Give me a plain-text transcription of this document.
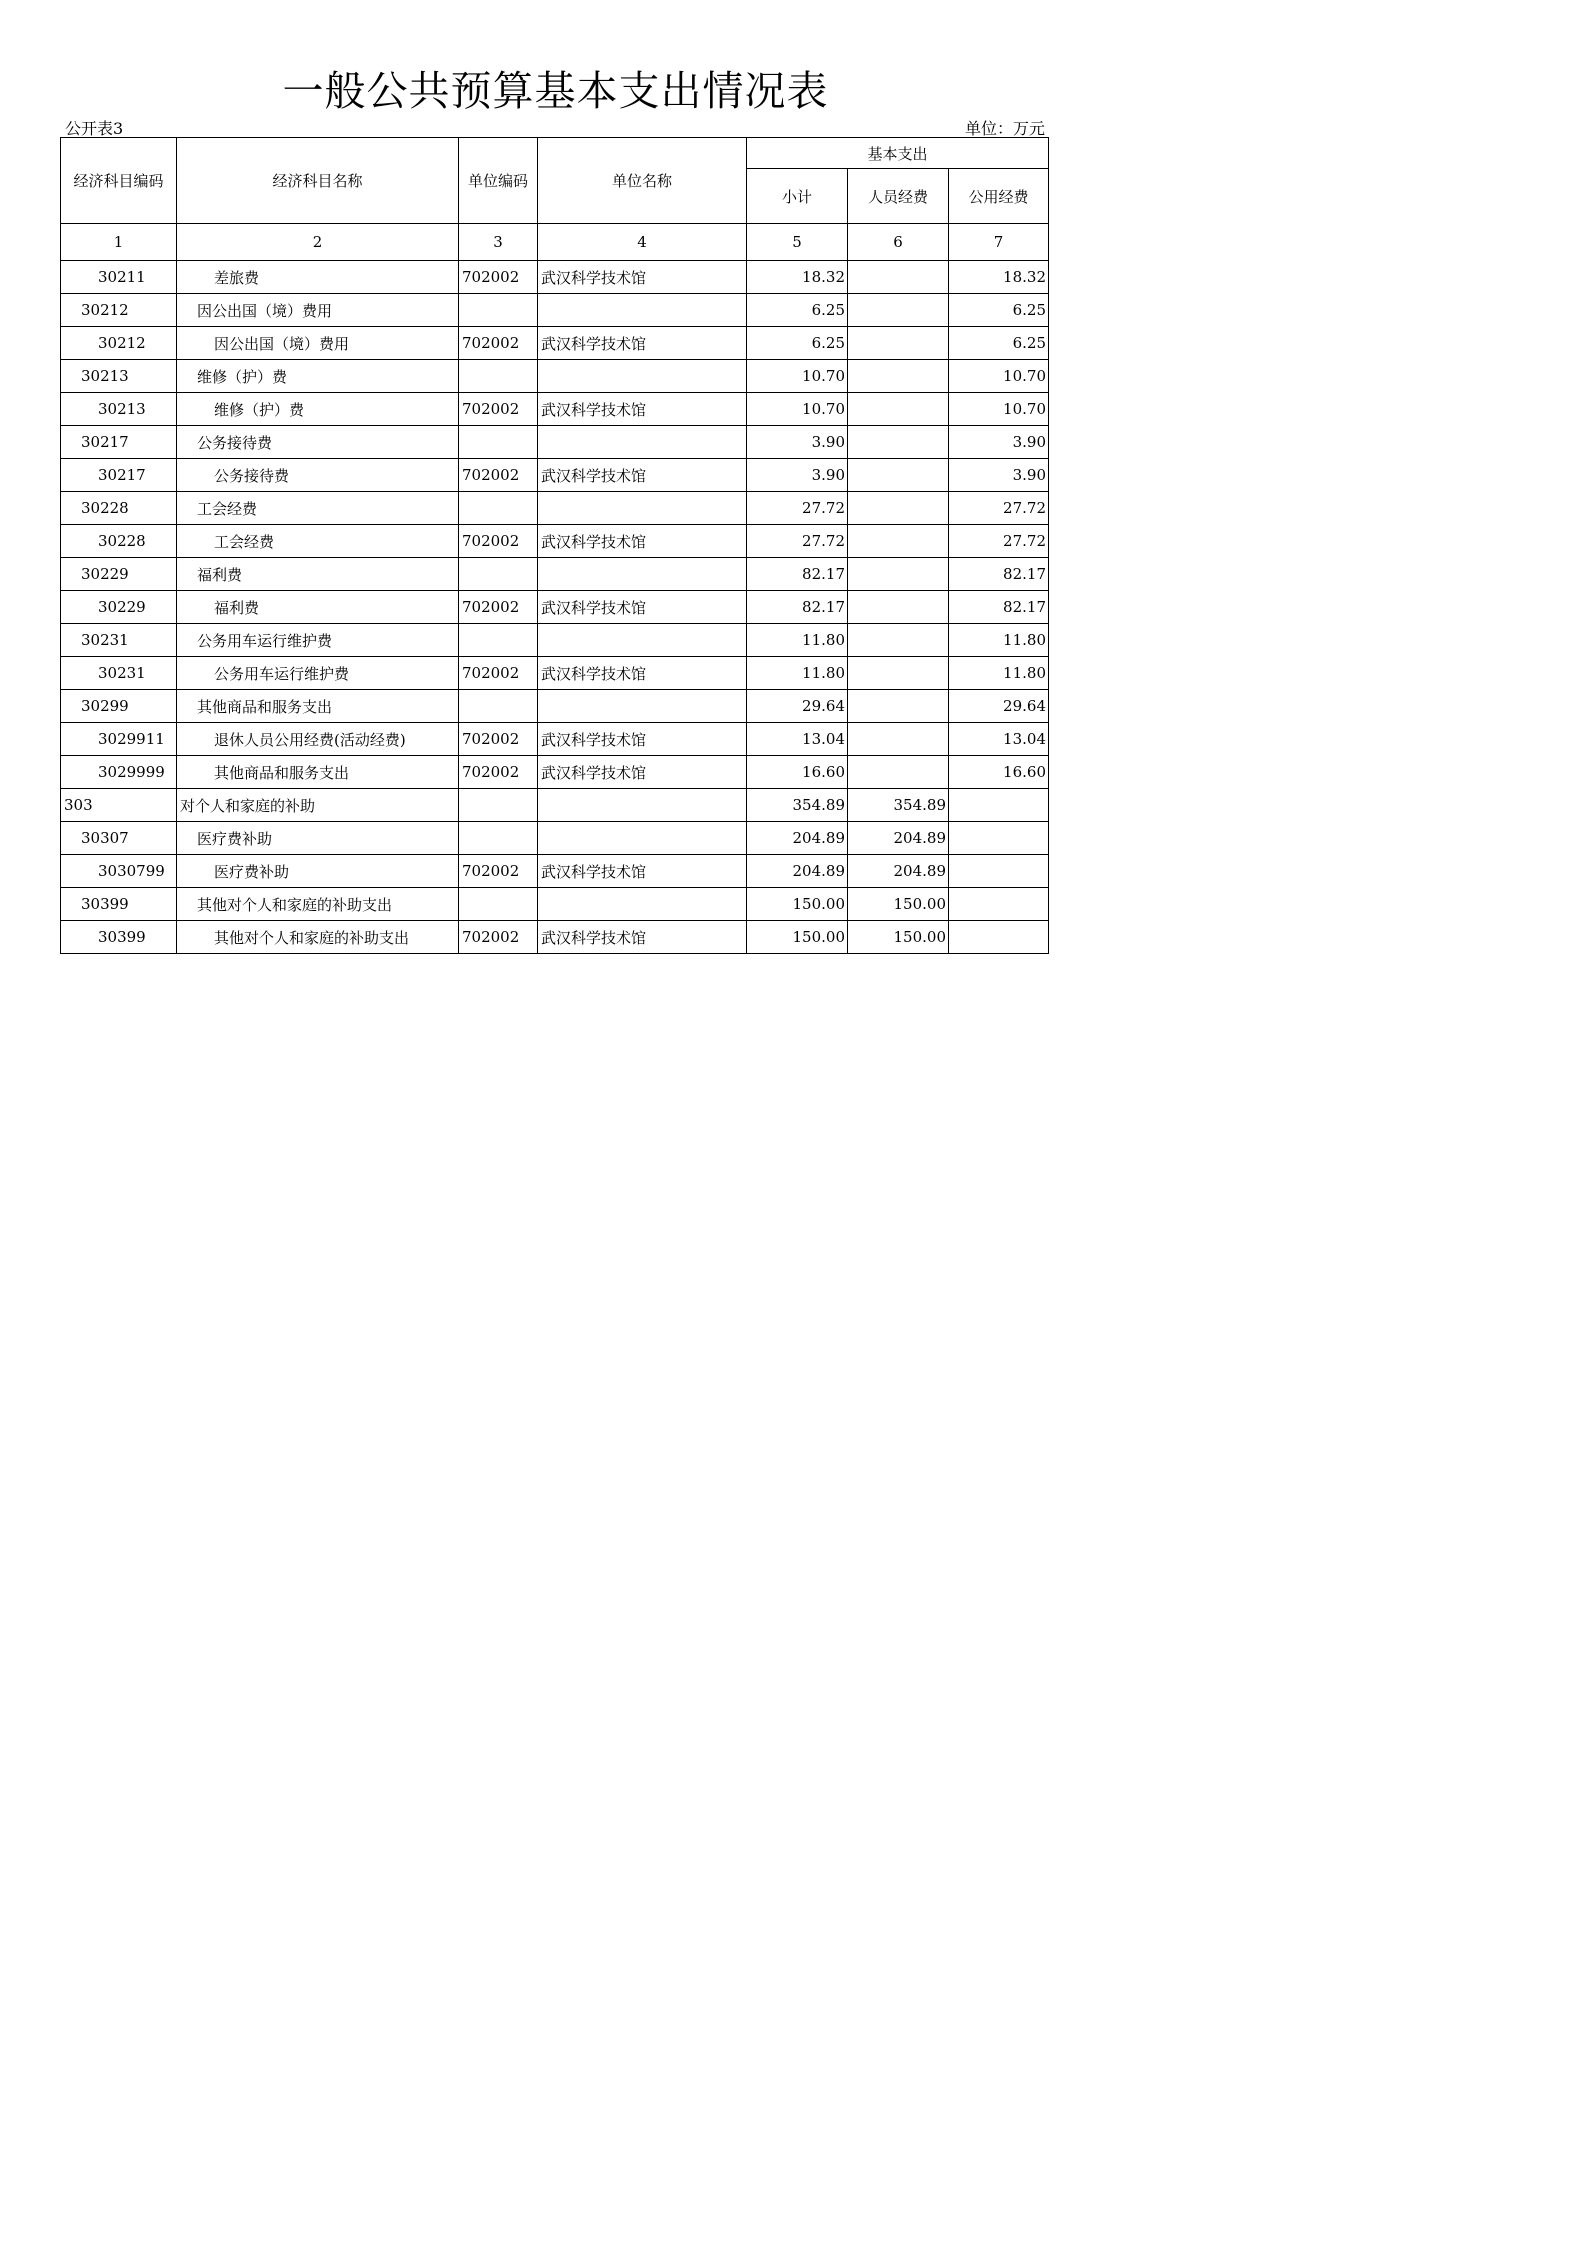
一般公共预算基本支出情况表
公开表3	单位：万元
经济科目编码	经济科目名称	单位编码	单位名称	基本支出		
				小计	人员经费	公用经费
1	2	3	4	5	6	7
30211	差旅费	702002	武汉科学技术馆	18.32		18.32
30212	因公出国（境）费用			6.25		6.25
30212	因公出国（境）费用	702002	武汉科学技术馆	6.25		6.25
30213	维修（护）费			10.70		10.70
30213	维修（护）费	702002	武汉科学技术馆	10.70		10.70
30217	公务接待费			3.90		3.90
30217	公务接待费	702002	武汉科学技术馆	3.90		3.90
30228	工会经费			27.72		27.72
30228	工会经费	702002	武汉科学技术馆	27.72		27.72
30229	福利费			82.17		82.17
30229	福利费	702002	武汉科学技术馆	82.17		82.17
30231	公务用车运行维护费			11.80		11.80
30231	公务用车运行维护费	702002	武汉科学技术馆	11.80		11.80
30299	其他商品和服务支出			29.64		29.64
3029911	退休人员公用经费(活动经费)	702002	武汉科学技术馆	13.04		13.04
3029999	其他商品和服务支出	702002	武汉科学技术馆	16.60		16.60
303	对个人和家庭的补助			354.89	354.89	
30307	医疗费补助			204.89	204.89	
3030799	医疗费补助	702002	武汉科学技术馆	204.89	204.89	
30399	其他对个人和家庭的补助支出			150.00	150.00	
30399	其他对个人和家庭的补助支出	702002	武汉科学技术馆	150.00	150.00	
